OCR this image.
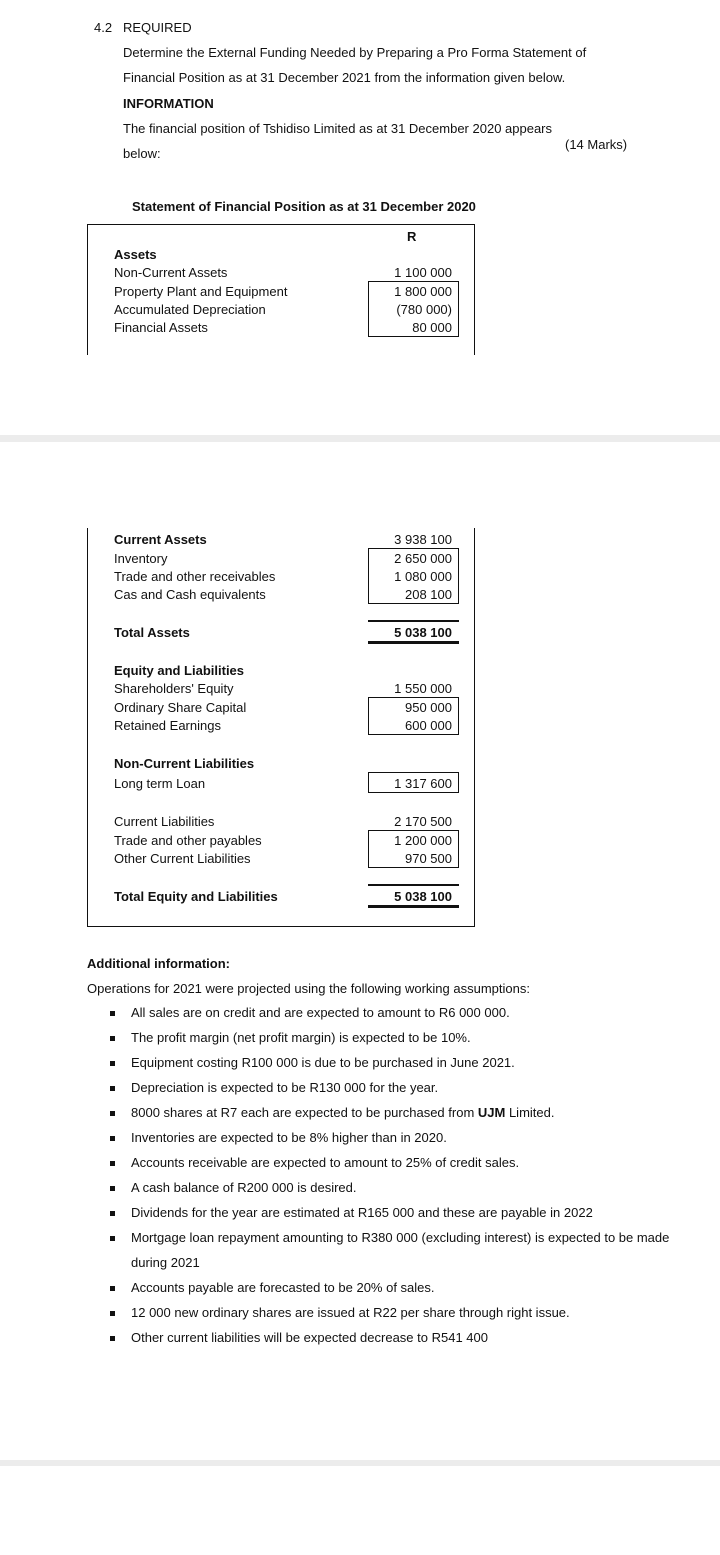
4.2 REQUIRED
Determine the External Funding Needed by Preparing a Pro Forma Statement of
Financial Position as at 31 December 2021 from the information given below.
INFORMATION
The financial position of Tshidiso Limited as at 31 December 2020 appears
below:
(14 Marks)
Statement of Financial Position as at 31 December 2020
R
Assets
Non-Current Assets	1 100 000
Property Plant and Equipment	1 800 000
Accumulated Depreciation	(780 000)
Financial Assets	80 000
Current Assets	3 938 100
Inventory	2 650 000
Trade and other receivables	1 080 000
Cas and Cash equivalents	208 100
Total Assets	5 038 100
Equity and Liabilities
Shareholders' Equity	1 550 000
Ordinary Share Capital	950 000
Retained Earnings	600 000
Non-Current Liabilities
Long term Loan	1 317 600
Current Liabilities	2 170 500
Trade and other payables	1 200 000
Other Current Liabilities	970 500
Total Equity and Liabilities	5 038 100
Additional information:
Operations for 2021 were projected using the following working assumptions:
All sales are on credit and are expected to amount to R6 000 000.
The profit margin (net profit margin) is expected to be 10%.
Equipment costing R100 000 is due to be purchased in June 2021.
Depreciation is expected to be R130 000 for the year.
8000 shares at R7 each are expected to be purchased from UJM Limited.
Inventories are expected to be 8% higher than in 2020.
Accounts receivable are expected to amount to 25% of credit sales.
A cash balance of R200 000 is desired.
Dividends for the year are estimated at R165 000 and these are payable in 2022
Mortgage loan repayment amounting to R380 000 (excluding interest) is expected to be made
during 2021
Accounts payable are forecasted to be 20% of sales.
12 000 new ordinary shares are issued at R22 per share through right issue.
Other current liabilities will be expected decrease to R541 400
